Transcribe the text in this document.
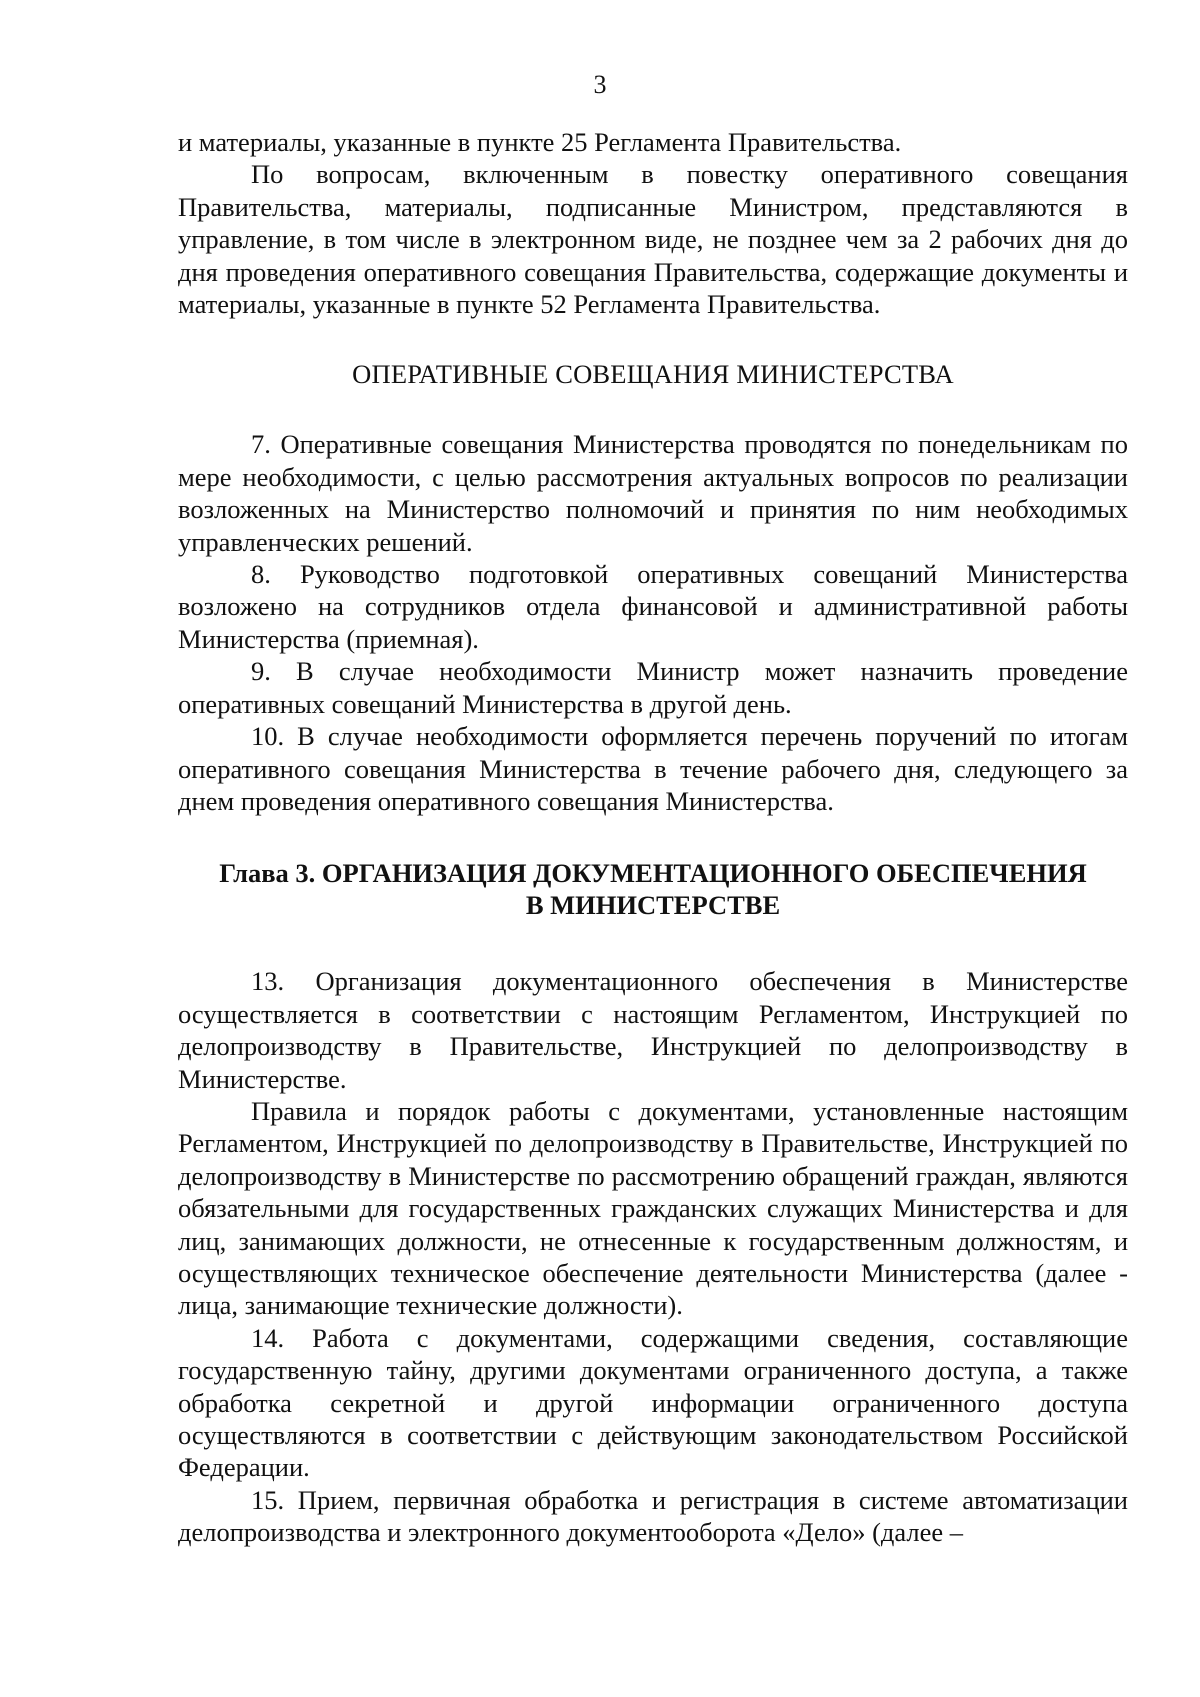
3

и материалы, указанные в пункте 25 Регламента Правительства.

По вопросам, включенным в повестку оперативного совещания Правительства, материалы, подписанные Министром, представляются в управление, в том числе в электронном виде, не позднее чем за 2 рабочих дня до дня проведения оперативного совещания Правительства, содержащие документы и материалы, указанные в пункте 52 Регламента Правительства.

ОПЕРАТИВНЫЕ СОВЕЩАНИЯ МИНИСТЕРСТВА

7. Оперативные совещания Министерства проводятся по понедельникам по мере необходимости, с целью рассмотрения актуальных вопросов по реализации возложенных на Министерство полномочий и принятия по ним необходимых управленческих решений.

8. Руководство подготовкой оперативных совещаний Министерства возложено на сотрудников отдела финансовой и административной работы Министерства (приемная).

9. В случае необходимости Министр может назначить проведение оперативных совещаний Министерства в другой день.

10. В случае необходимости оформляется перечень поручений по итогам оперативного совещания Министерства в течение рабочего дня, следующего за днем проведения оперативного совещания Министерства.

Глава 3. ОРГАНИЗАЦИЯ ДОКУМЕНТАЦИОННОГО ОБЕСПЕЧЕНИЯ
В МИНИСТЕРСТВЕ

13. Организация документационного обеспечения в Министерстве осуществляется в соответствии с настоящим Регламентом, Инструкцией по делопроизводству в Правительстве, Инструкцией по делопроизводству в Министерстве.

Правила и порядок работы с документами, установленные настоящим Регламентом, Инструкцией по делопроизводству в Правительстве, Инструкцией по делопроизводству в Министерстве по рассмотрению обращений граждан, являются обязательными для государственных гражданских служащих Министерства и для лиц, занимающих должности, не отнесенные к государственным должностям, и осуществляющих техническое обеспечение деятельности Министерства (далее - лица, занимающие технические должности).

14. Работа с документами, содержащими сведения, составляющие государственную тайну, другими документами ограниченного доступа, а также обработка секретной и другой информации ограниченного доступа осуществляются в соответствии с действующим законодательством Российской Федерации.

15. Прием, первичная обработка и регистрация в системе автоматизации делопроизводства и электронного документооборота «Дело» (далее –
